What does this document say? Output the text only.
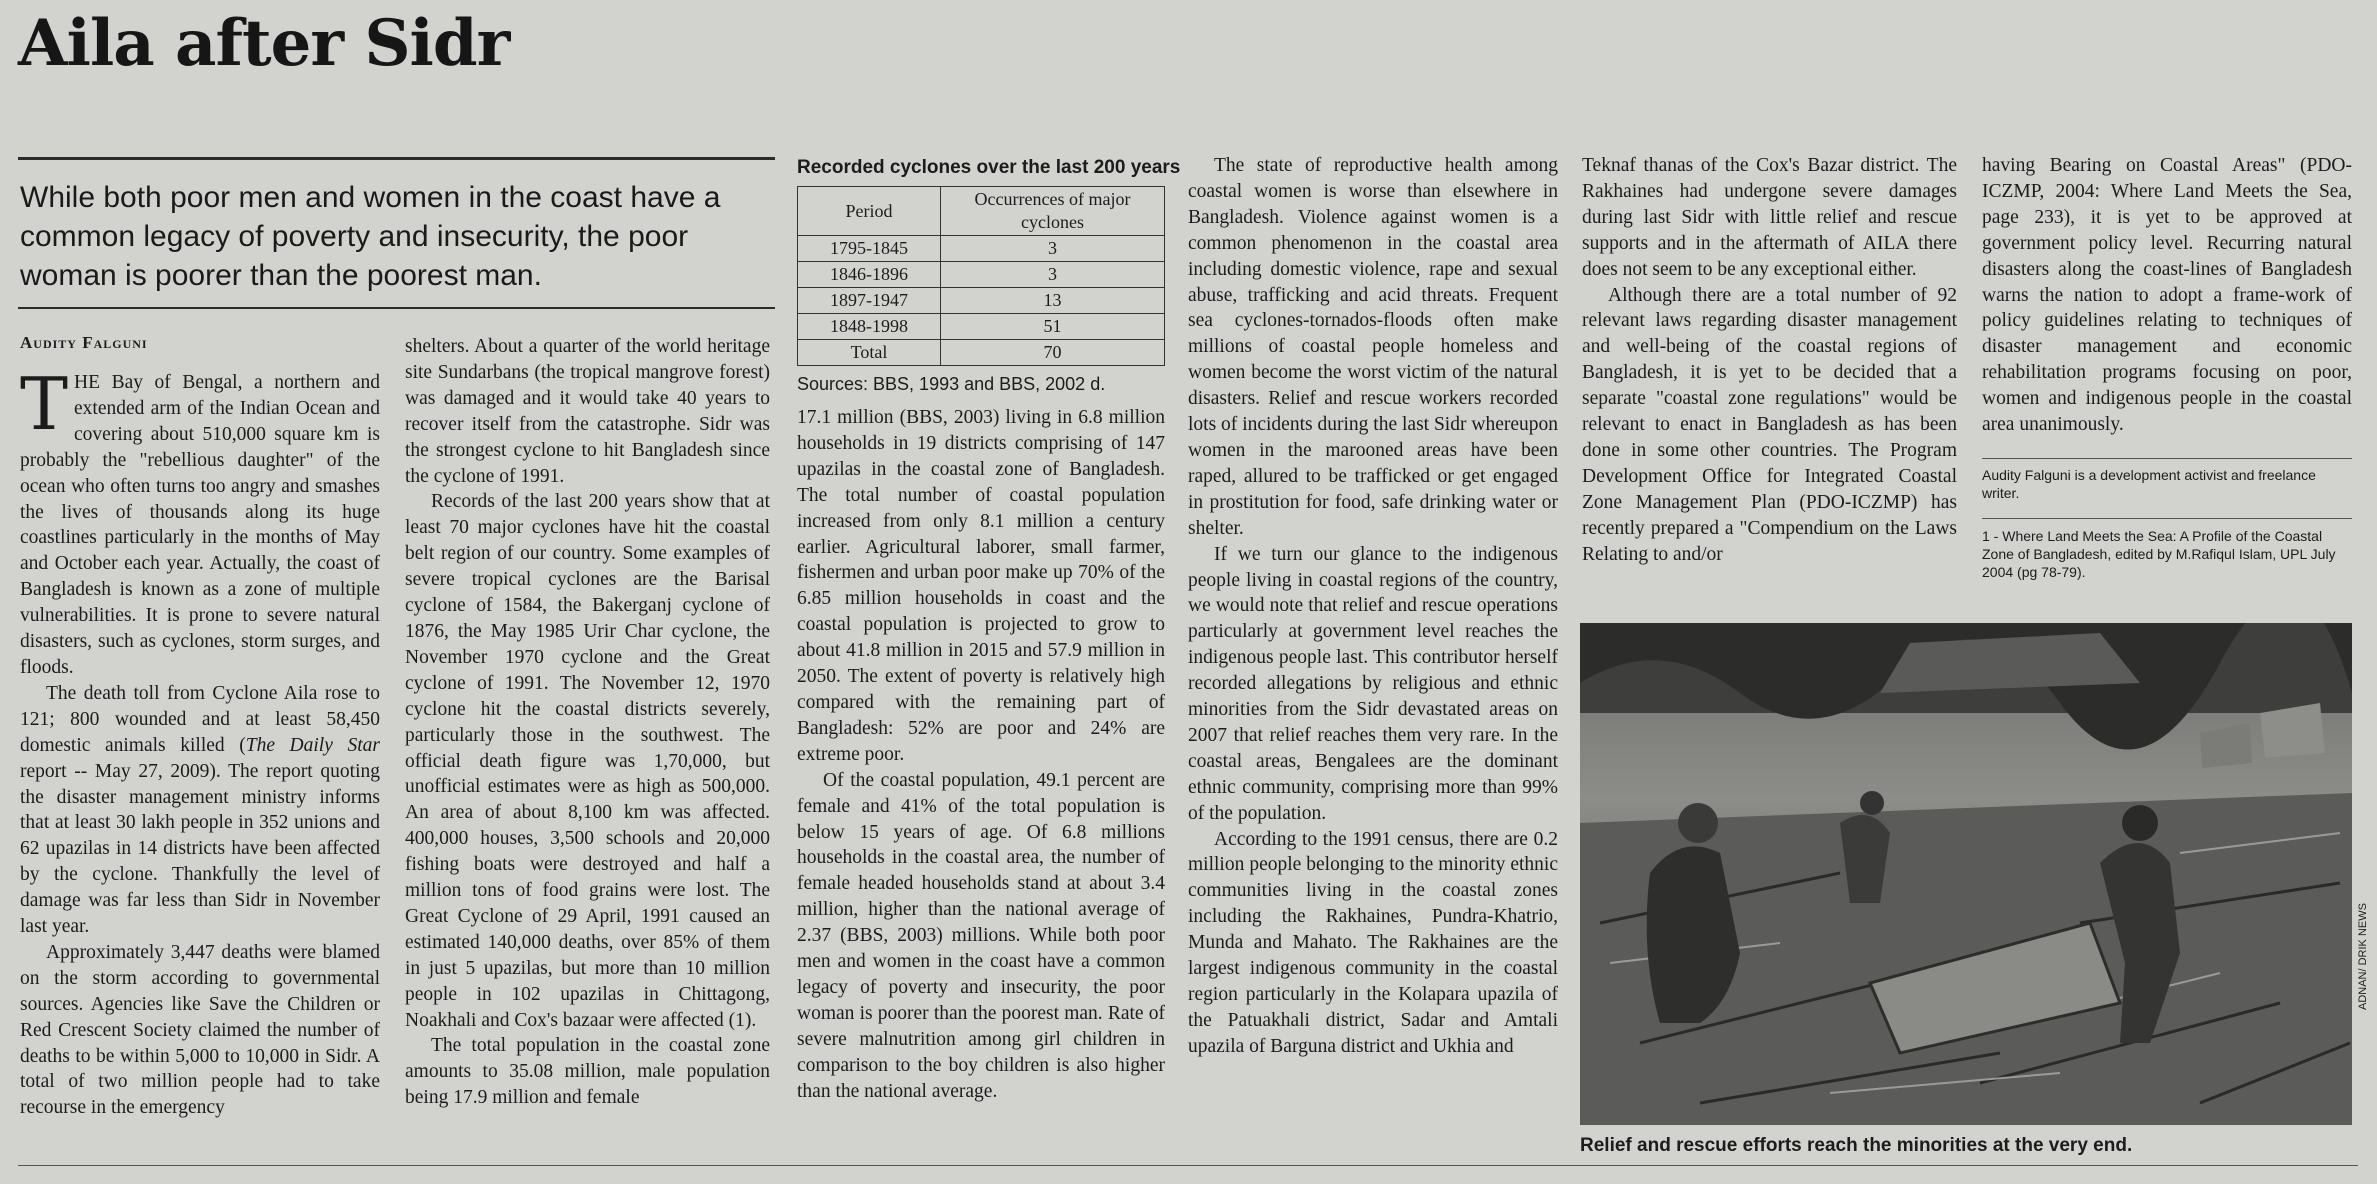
Aila after Sidr
While both poor men and women in the coast have a common legacy of poverty and insecurity, the poor woman is poorer than the poorest man.
Audity Falguni

THE Bay of Bengal, a northern and extended arm of the Indian Ocean and covering about 510,000 square km is probably the "rebellious daughter" of the ocean who often turns too angry and smashes the lives of thousands along its huge coastlines particularly in the months of May and October each year. Actually, the coast of Bangladesh is known as a zone of multiple vulnerabilities. It is prone to severe natural disasters, such as cyclones, storm surges, and floods.

The death toll from Cyclone Aila rose to 121; 800 wounded and at least 58,450 domestic animals killed (The Daily Star report -- May 27, 2009). The report quoting the disaster management ministry informs that at least 30 lakh people in 352 unions and 62 upazilas in 14 districts have been affected by the cyclone. Thankfully the level of damage was far less than Sidr in November last year.

Approximately 3,447 deaths were blamed on the storm according to governmental sources. Agencies like Save the Children or Red Crescent Society claimed the number of deaths to be within 5,000 to 10,000 in Sidr. A total of two million people had to take recourse in the emergency

shelters. About a quarter of the world heritage site Sundarbans (the tropical mangrove forest) was damaged and it would take 40 years to recover itself from the catastrophe. Sidr was the strongest cyclone to hit Bangladesh since the cyclone of 1991.

Records of the last 200 years show that at least 70 major cyclones have hit the coastal belt region of our country. Some examples of severe tropical cyclones are the Barisal cyclone of 1584, the Bakerganj cyclone of 1876, the May 1985 Urir Char cyclone, the November 1970 cyclone and the Great cyclone of 1991. The November 12, 1970 cyclone hit the coastal districts severely, particularly those in the southwest. The official death figure was 1,70,000, but unofficial estimates were as high as 500,000. An area of about 8,100 km was affected. 400,000 houses, 3,500 schools and 20,000 fishing boats were destroyed and half a million tons of food grains were lost. The Great Cyclone of 29 April, 1991 caused an estimated 140,000 deaths, over 85% of them in just 5 upazilas, but more than 10 million people in 102 upazilas in Chittagong, Noakhali and Cox's bazaar were affected (1).

The total population in the coastal zone amounts to 35.08 million, male population being 17.9 million and female

Recorded cyclones over the last 200 years
Period	Occurrences of major cyclones
1795-1845	3
1846-1896	3
1897-1947	13
1848-1998	51
Total	70
Sources: BBS, 1993 and BBS, 2002 d.

17.1 million (BBS, 2003) living in 6.8 million households in 19 districts comprising of 147 upazilas in the coastal zone of Bangladesh. The total number of coastal population increased from only 8.1 million a century earlier. Agricultural laborer, small farmer, fishermen and urban poor make up 70% of the 6.85 million households in coast and the coastal population is projected to grow to about 41.8 million in 2015 and 57.9 million in 2050. The extent of poverty is relatively high compared with the remaining part of Bangladesh: 52% are poor and 24% are extreme poor.

Of the coastal population, 49.1 percent are female and 41% of the total population is below 15 years of age. Of 6.8 millions households in the coastal area, the number of female headed households stand at about 3.4 million, higher than the national average of 2.37 (BBS, 2003) millions. While both poor men and women in the coast have a common legacy of poverty and insecurity, the poor woman is poorer than the poorest man. Rate of severe malnutrition among girl children in comparison to the boy children is also higher than the national average.

The state of reproductive health among coastal women is worse than elsewhere in Bangladesh. Violence against women is a common phenomenon in the coastal area including domestic violence, rape and sexual abuse, trafficking and acid threats. Frequent sea cyclones-tornados-floods often make millions of coastal people homeless and women become the worst victim of the natural disasters. Relief and rescue workers recorded lots of incidents during the last Sidr whereupon women in the marooned areas have been raped, allured to be trafficked or get engaged in prostitution for food, safe drinking water or shelter.

If we turn our glance to the indigenous people living in coastal regions of the country, we would note that relief and rescue operations particularly at government level reaches the indigenous people last. This contributor herself recorded allegations by religious and ethnic minorities from the Sidr devastated areas on 2007 that relief reaches them very rare. In the coastal areas, Bengalees are the dominant ethnic community, comprising more than 99% of the population.

According to the 1991 census, there are 0.2 million people belonging to the minority ethnic communities living in the coastal zones including the Rakhaines, Pundra-Khatrio, Munda and Mahato. The Rakhaines are the largest indigenous community in the coastal region particularly in the Kolapara upazila of the Patuakhali district, Sadar and Amtali upazila of Barguna district and Ukhia and

Teknaf thanas of the Cox's Bazar district. The Rakhaines had undergone severe damages during last Sidr with little relief and rescue supports and in the aftermath of AILA there does not seem to be any exceptional either.

Although there are a total number of 92 relevant laws regarding disaster management and well-being of the coastal regions of Bangladesh, it is yet to be decided that a separate "coastal zone regulations" would be relevant to enact in Bangladesh as has been done in some other countries. The Program Development Office for Integrated Coastal Zone Management Plan (PDO-ICZMP) has recently prepared a "Compendium on the Laws Relating to and/or

having Bearing on Coastal Areas" (PDO-ICZMP, 2004: Where Land Meets the Sea, page 233), it is yet to be approved at government policy level. Recurring natural disasters along the coast-lines of Bangladesh warns the nation to adopt a frame-work of policy guidelines relating to techniques of disaster management and economic rehabilitation programs focusing on poor, women and indigenous people in the coastal area unanimously.

Audity Falguni is a development activist and freelance writer.
1 - Where Land Meets the Sea: A Profile of the Coastal Zone of Bangladesh, edited by M.Rafiqul Islam, UPL July 2004 (pg 78-79).
ADNAN/ DRIK NEWS
Relief and rescue efforts reach the minorities at the very end.
